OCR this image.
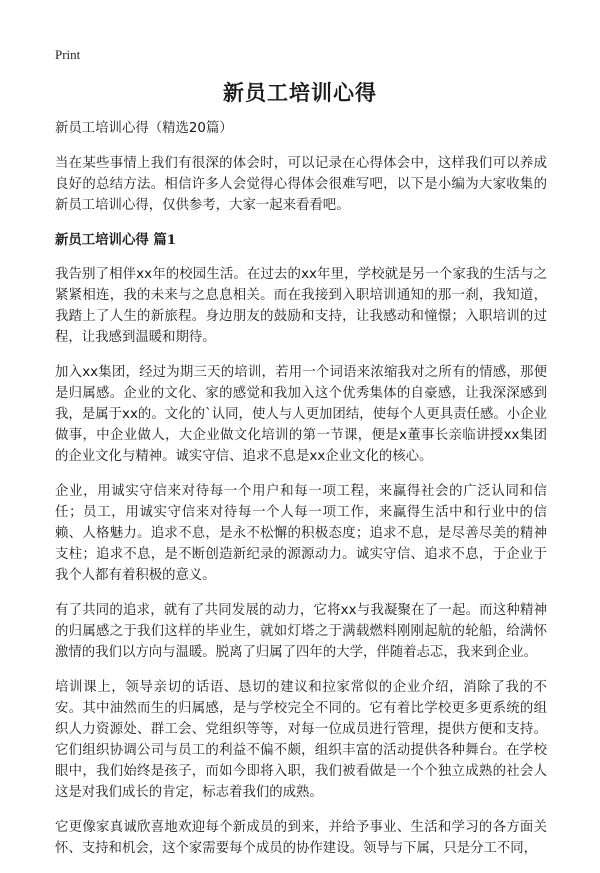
Print
新员工培训心得

新员工培训心得（精选20篇）

当在某些事情上我们有很深的体会时，可以记录在心得体会中，这样我们可以养成良好的总结方法。相信许多人会觉得心得体会很难写吧，以下是小编为大家收集的新员工培训心得，仅供参考，大家一起来看看吧。

新员工培训心得 篇1

我告别了相伴xx年的校园生活。在过去的xx年里，学校就是另一个家我的生活与之紧紧相连，我的未来与之息息相关。而在我接到入职培训通知的那一刹，我知道，我踏上了人生的新旅程。身边朋友的鼓励和支持，让我感动和憧憬；入职培训的过程，让我感到温暖和期待。

加入xx集团，经过为期三天的培训，若用一个词语来浓缩我对之所有的情感，那便是归属感。企业的文化、家的感觉和我加入这个优秀集体的自豪感，让我深深感到我，是属于xx的。文化的`认同，使人与人更加团结，使每个人更具责任感。小企业做事，中企业做人，大企业做文化培训的第一节课，便是x董事长亲临讲授xx集团的企业文化与精神。诚实守信、追求不息是xx企业文化的核心。

企业，用诚实守信来对待每一个用户和每一项工程，来赢得社会的广泛认同和信任；员工，用诚实守信来对待每一个人每一项工作，来赢得生活中和行业中的信赖、人格魅力。追求不息，是永不松懈的积极态度；追求不息，是尽善尽美的精神支柱；追求不息，是不断创造新纪录的源源动力。诚实守信、追求不息，于企业于我个人都有着积极的意义。

有了共同的追求，就有了共同发展的动力，它将xx与我凝聚在了一起。而这种精神的归属感之于我们这样的毕业生，就如灯塔之于满载燃料刚刚起航的轮船，给满怀激情的我们以方向与温暖。脱离了归属了四年的大学，伴随着忐忑，我来到企业。

培训课上，领导亲切的话语、恳切的建议和拉家常似的企业介绍，消除了我的不安。其中油然而生的归属感，是与学校完全不同的。它有着比学校更多更系统的组织人力资源处、群工会、党组织等等，对每一位成员进行管理，提供方便和支持。它们组织协调公司与员工的利益不偏不颇，组织丰富的活动提供各种舞台。在学校眼中，我们始终是孩子，而如今即将入职，我们被看做是一个个独立成熟的社会人这是对我们成长的肯定，标志着我们的成熟。

它更像家真诚欣喜地欢迎每个新成员的到来，并给予事业、生活和学习的各方面关怀、支持和机会，这个家需要每个成员的协作建设。领导与下属，只是分工不同，
